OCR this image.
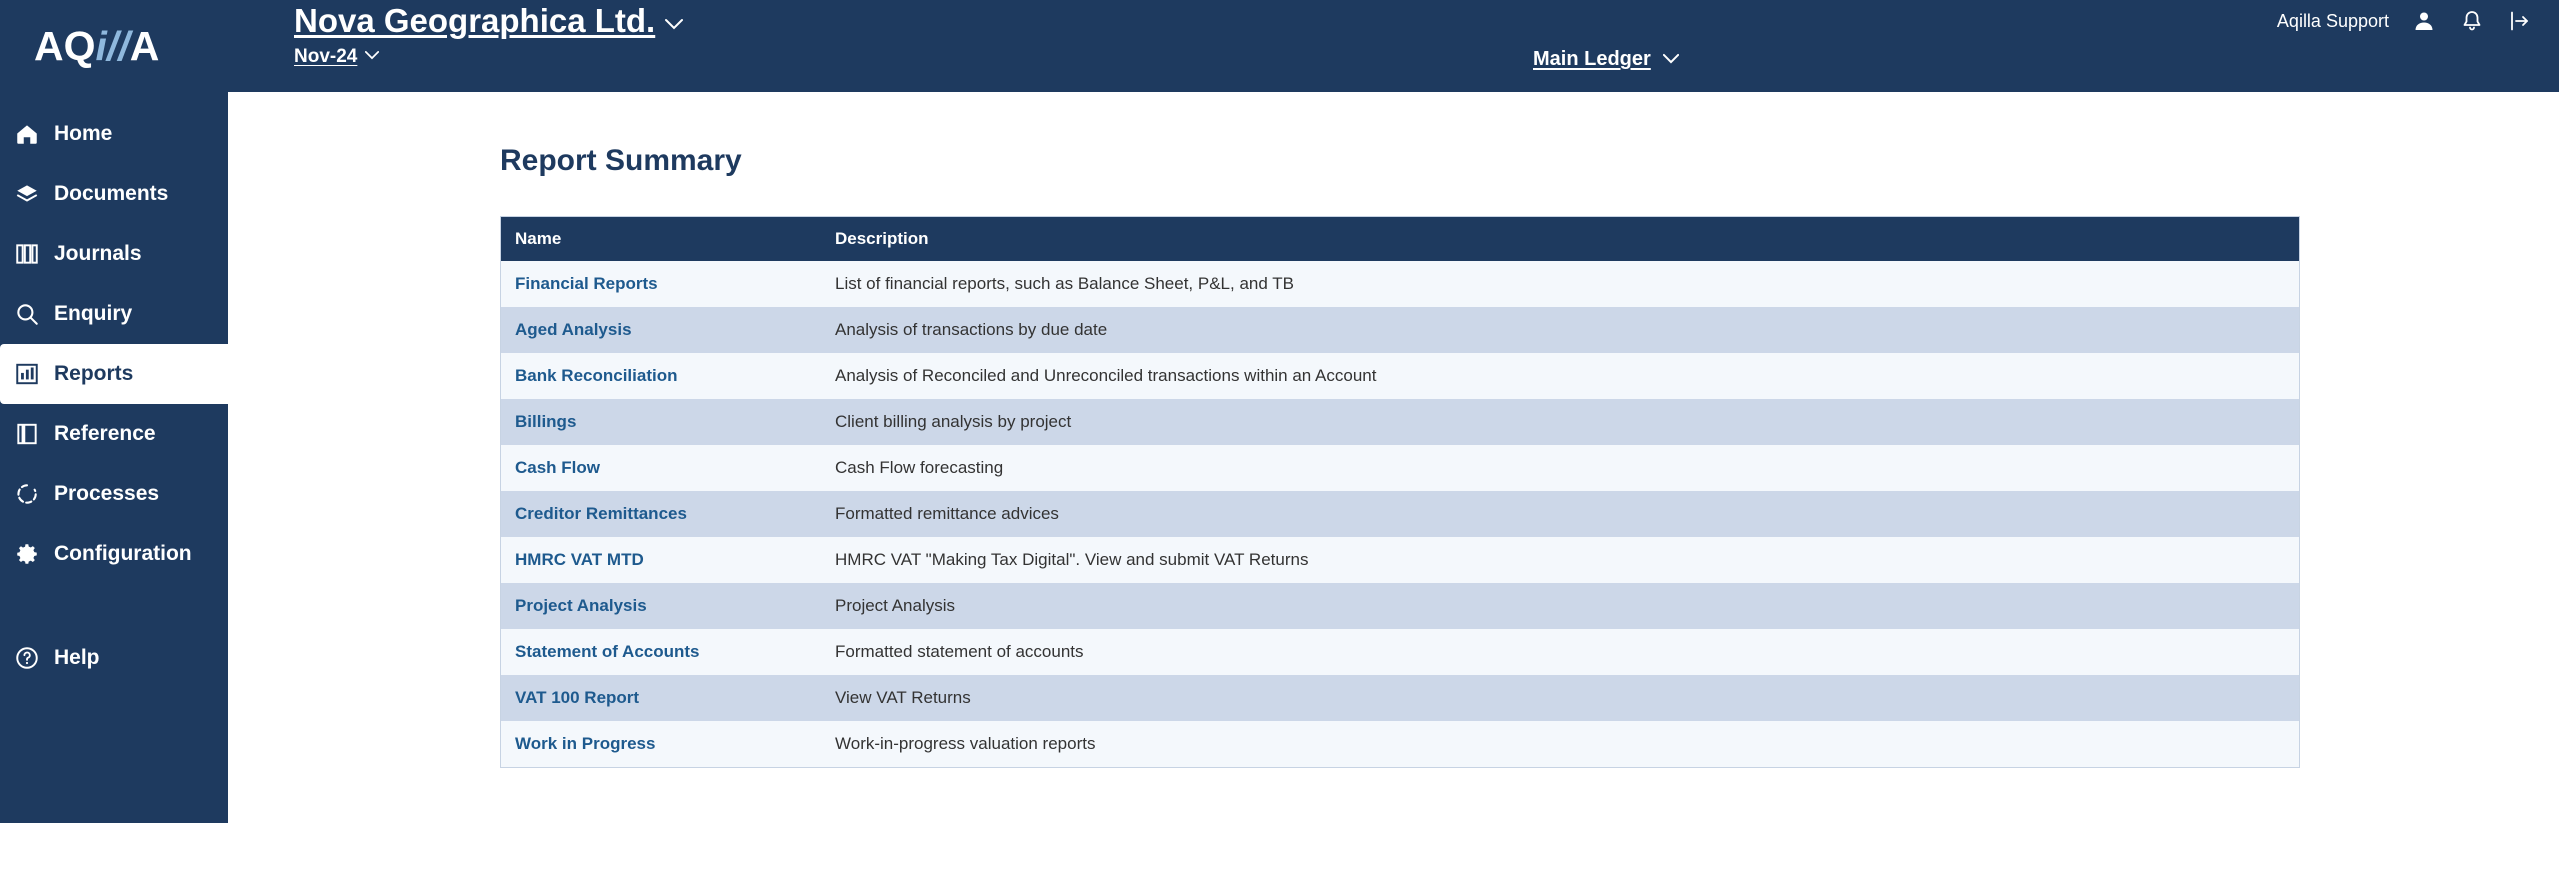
AQi//A
Nova Geographica Ltd.
Nov-24	Main Ledger
Aqilla Support
Home
Documents
Journals
Enquiry
Reports
Reference
Processes
Configuration
Help
Report Summary
Name	Description
Financial Reports	List of financial reports, such as Balance Sheet, P&L, and TB
Aged Analysis	Analysis of transactions by due date
Bank Reconciliation	Analysis of Reconciled and Unreconciled transactions within an Account
Billings	Client billing analysis by project
Cash Flow	Cash Flow forecasting
Creditor Remittances	Formatted remittance advices
HMRC VAT MTD	HMRC VAT "Making Tax Digital". View and submit VAT Returns
Project Analysis	Project Analysis
Statement of Accounts	Formatted statement of accounts
VAT 100 Report	View VAT Returns
Work in Progress	Work-in-progress valuation reports
